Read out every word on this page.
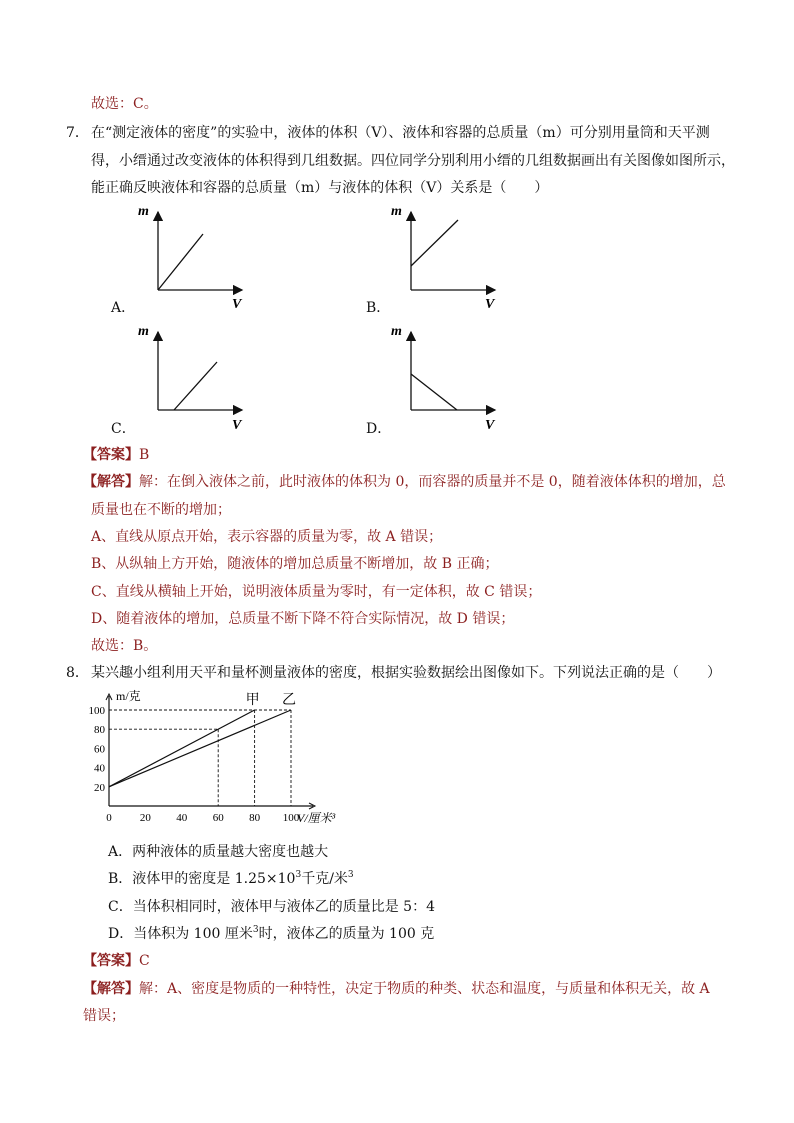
故选：C。
7． 在“测定液体的密度”的实验中，液体的体积（V）、液体和容器的总质量（m）可分别用量筒和天平测
得，小缙通过改变液体的体积得到几组数据。四位同学分别利用小缙的几组数据画出有关图像如图所示，
能正确反映液体和容器的总质量（m）与液体的体积（V）关系是（　　）
A．
m
V	B．
m
V
C．
m
V	D．
m
V
【答案】B
【解答】解：在倒入液体之前，此时液体的体积为 0，而容器的质量并不是 0，随着液体体积的增加，总
质量也在不断的增加；
A、直线从原点开始，表示容器的质量为零，故 A 错误；
B、从纵轴上方开始，随液体的增加总质量不断增加，故 B 正确；
C、直线从横轴上开始，说明液体质量为零时，有一定体积，故 C 错误；
D、随着液体的增加，总质量不断下降不符合实际情况，故 D 错误；
故选：B。
8． 某兴趣小组利用天平和量杯测量液体的密度，根据实验数据绘出图像如下。下列说法正确的是（　　）
m/克
V/厘米³
0	20 40 60 80 100
20
40
60
80
100
甲 乙
A．两种液体的质量越大密度也越大
B．液体甲的密度是 $1.25\times 10^3$千克/米$^3$
C．当体积相同时，液体甲与液体乙的质量比是 5：4
D．当体积为 100 厘米$^3$时，液体乙的质量为 100 克
【答案】C
【解答】解：A、密度是物质的一种特性，决定于物质的种类、状态和温度，与质量和体积无关，故 A
错误；
